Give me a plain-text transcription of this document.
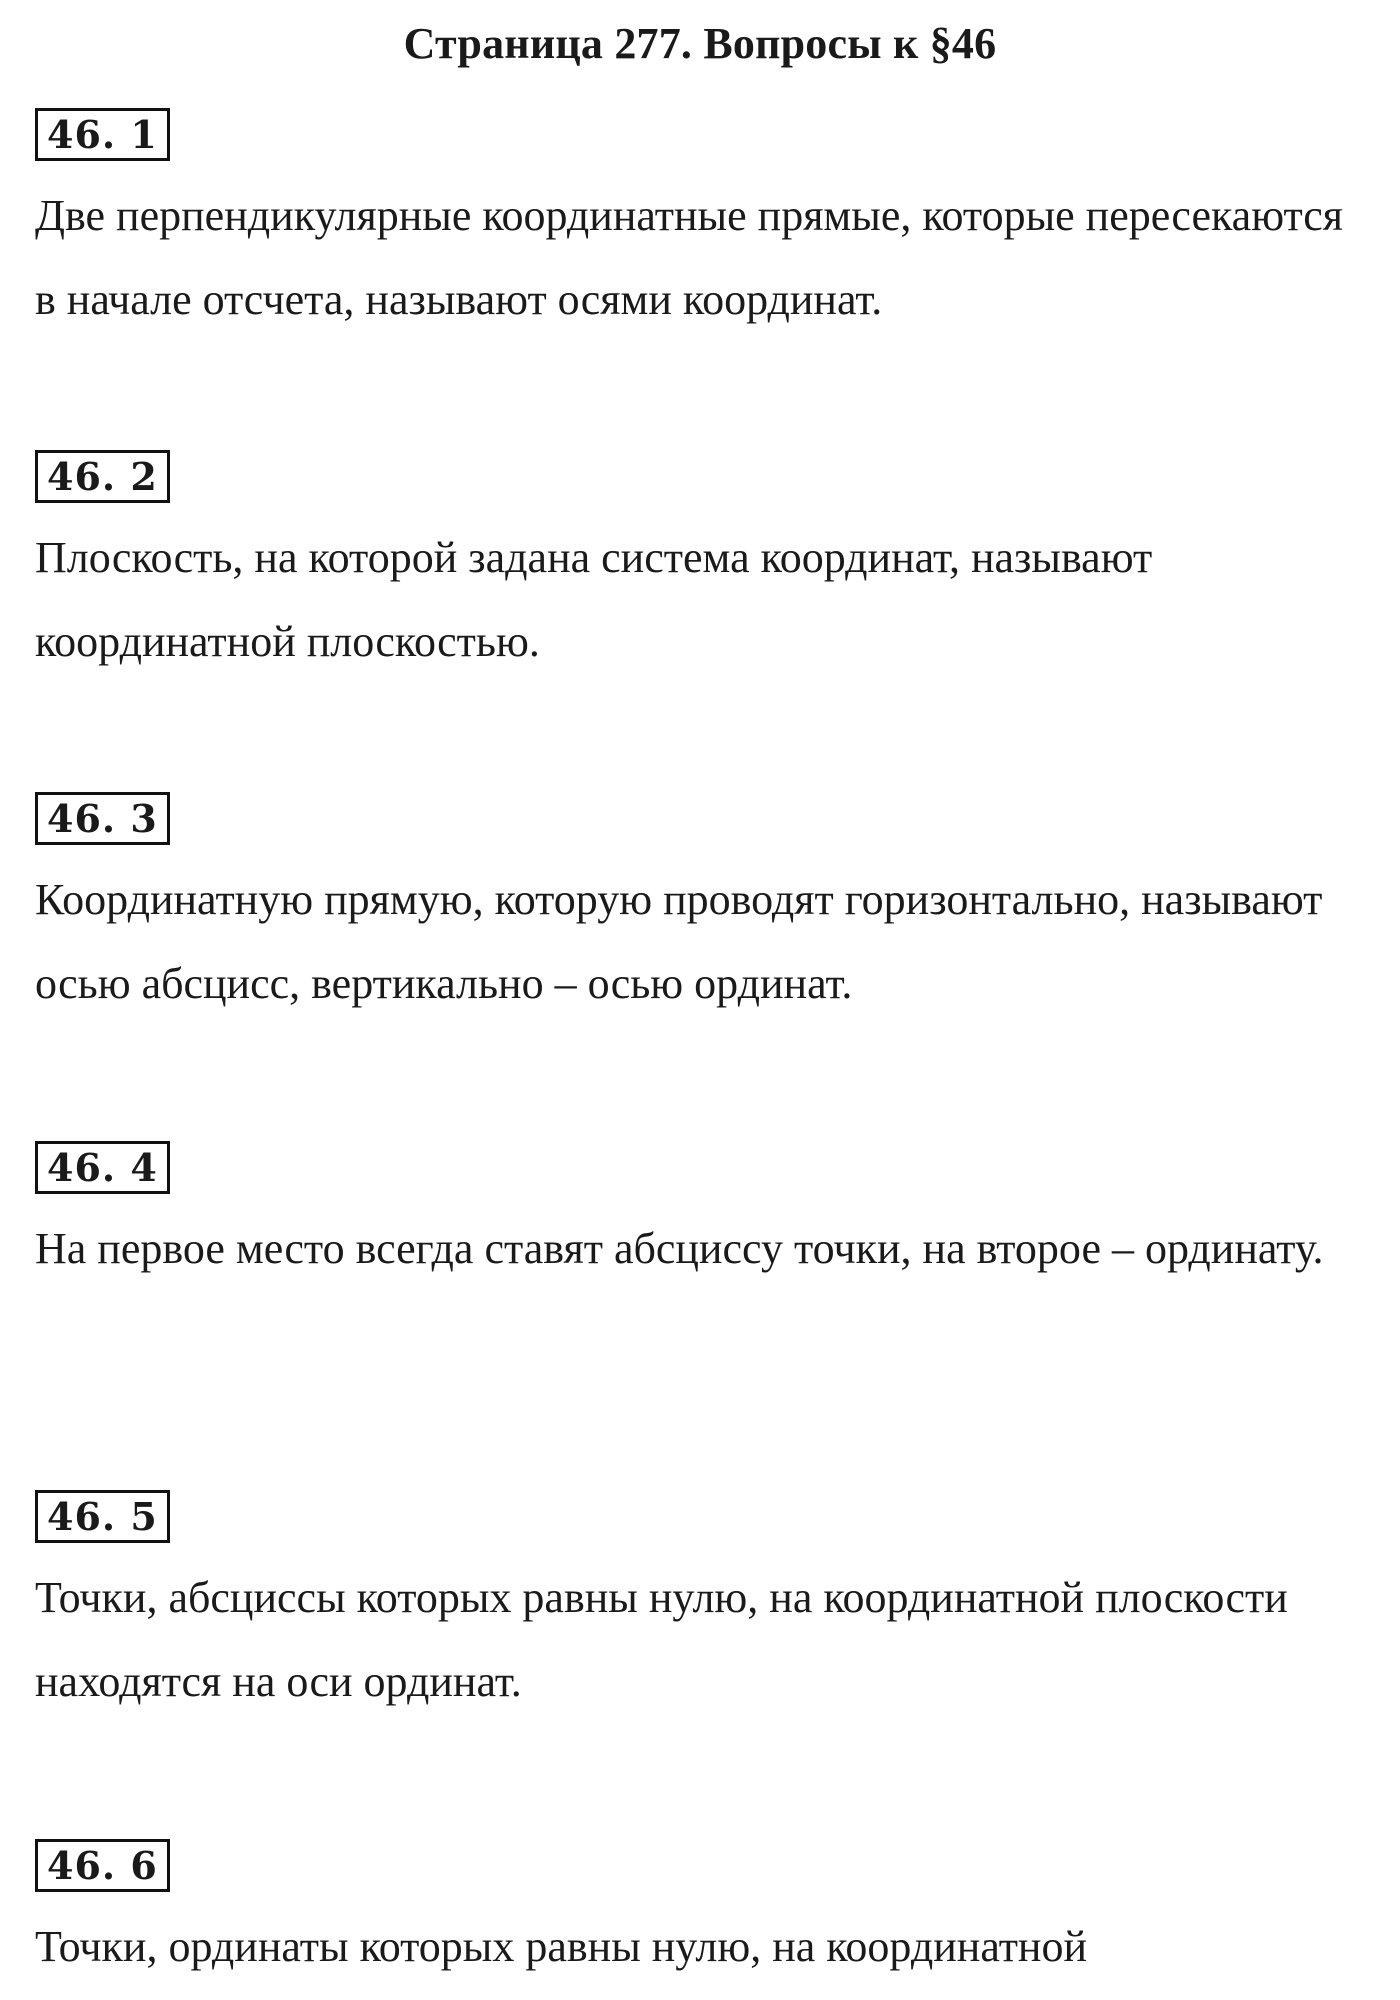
Страница 277. Вопросы к §46
46. 1

Две перпендикулярные координатные прямые, которые пересекаются в начале отсчета, называют осями координат.

46. 2

Плоскость, на которой задана система координат, называют координатной плоскостью.

46. 3

Координатную прямую, которую проводят горизонтально, называют осью абсцисс, вертикально – осью ординат.

46. 4

На первое место всегда ставят абсциссу точки, на второе – ординату.

46. 5

Точки, абсциссы которых равны нулю, на координатной плоскости находятся на оси ординат.

46. 6

Точки, ординаты которых равны нулю, на координатной
